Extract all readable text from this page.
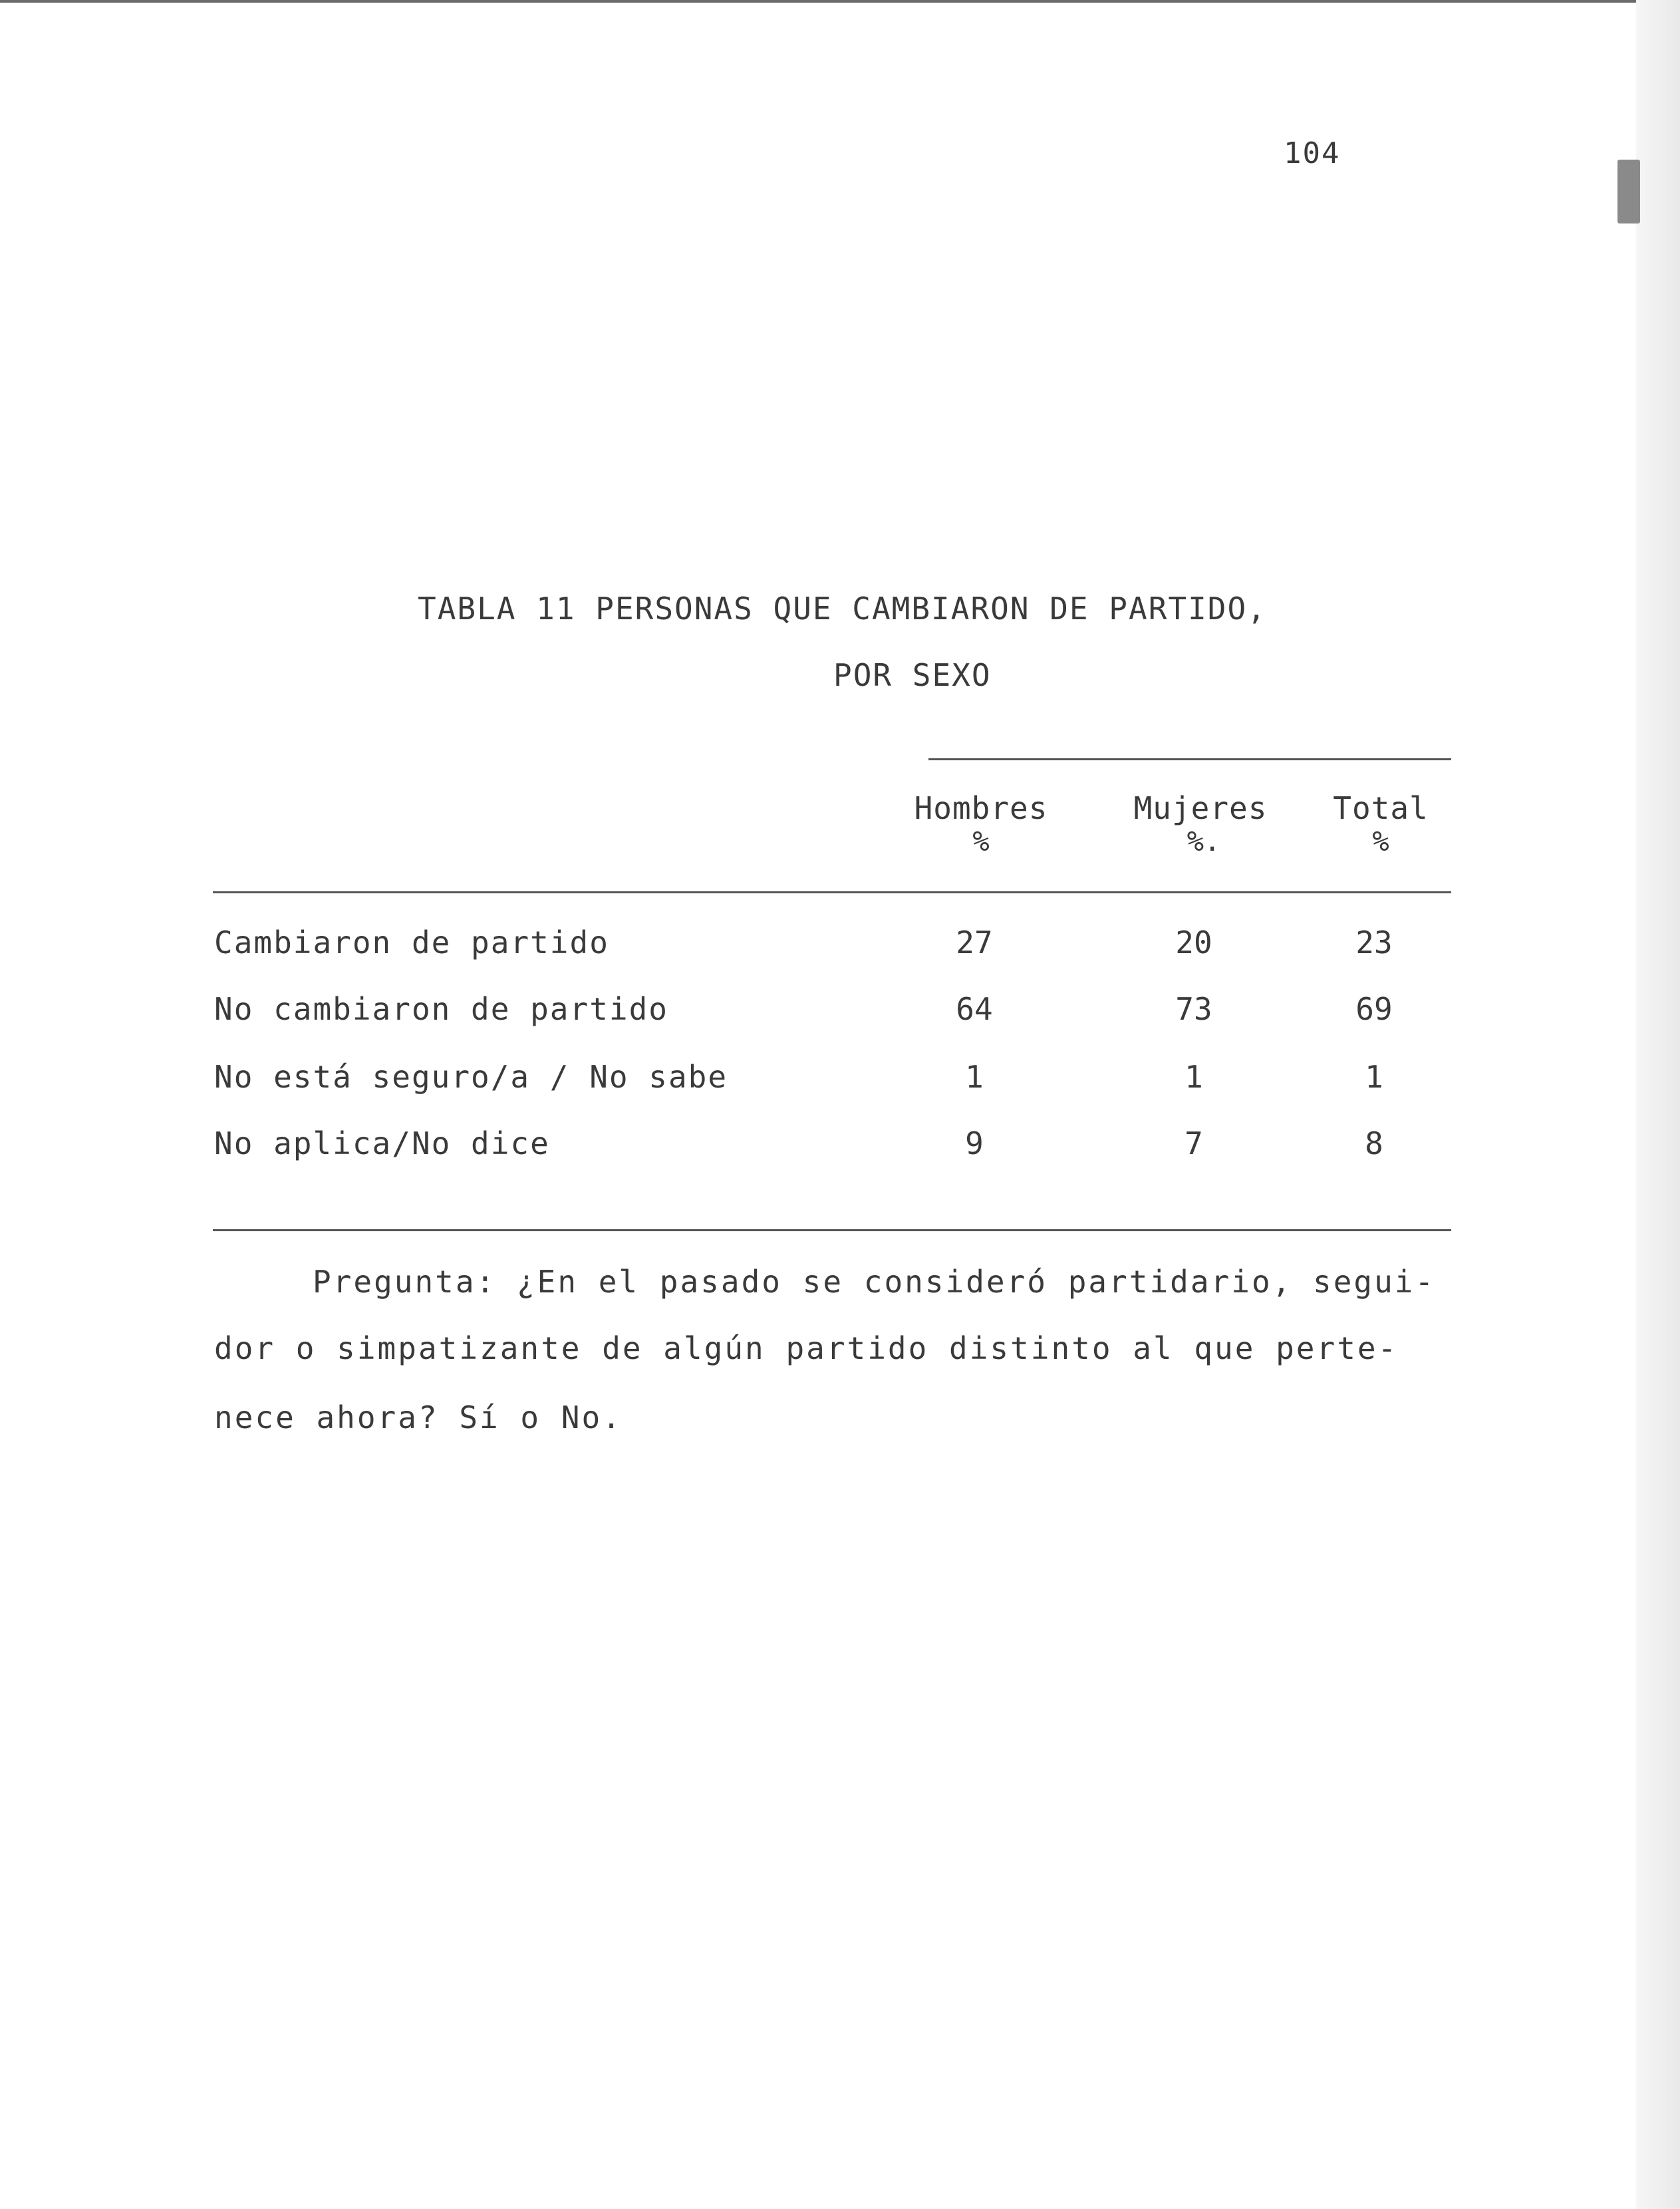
104
TABLA 11 PERSONAS QUE CAMBIARON DE PARTIDO,
POR SEXO
Hombres	Mujeres	Total
%	%.	%
Cambiaron de partido	27	20	23
No cambiaron de partido	64	73	69
No está seguro/a / No sabe	1	1	1
No aplica/No dice	9	7	8
Pregunta: ¿En el pasado se consideró partidario, segui-
dor o simpatizante de algún partido distinto al que perte-
nece ahora? Sí o No.
